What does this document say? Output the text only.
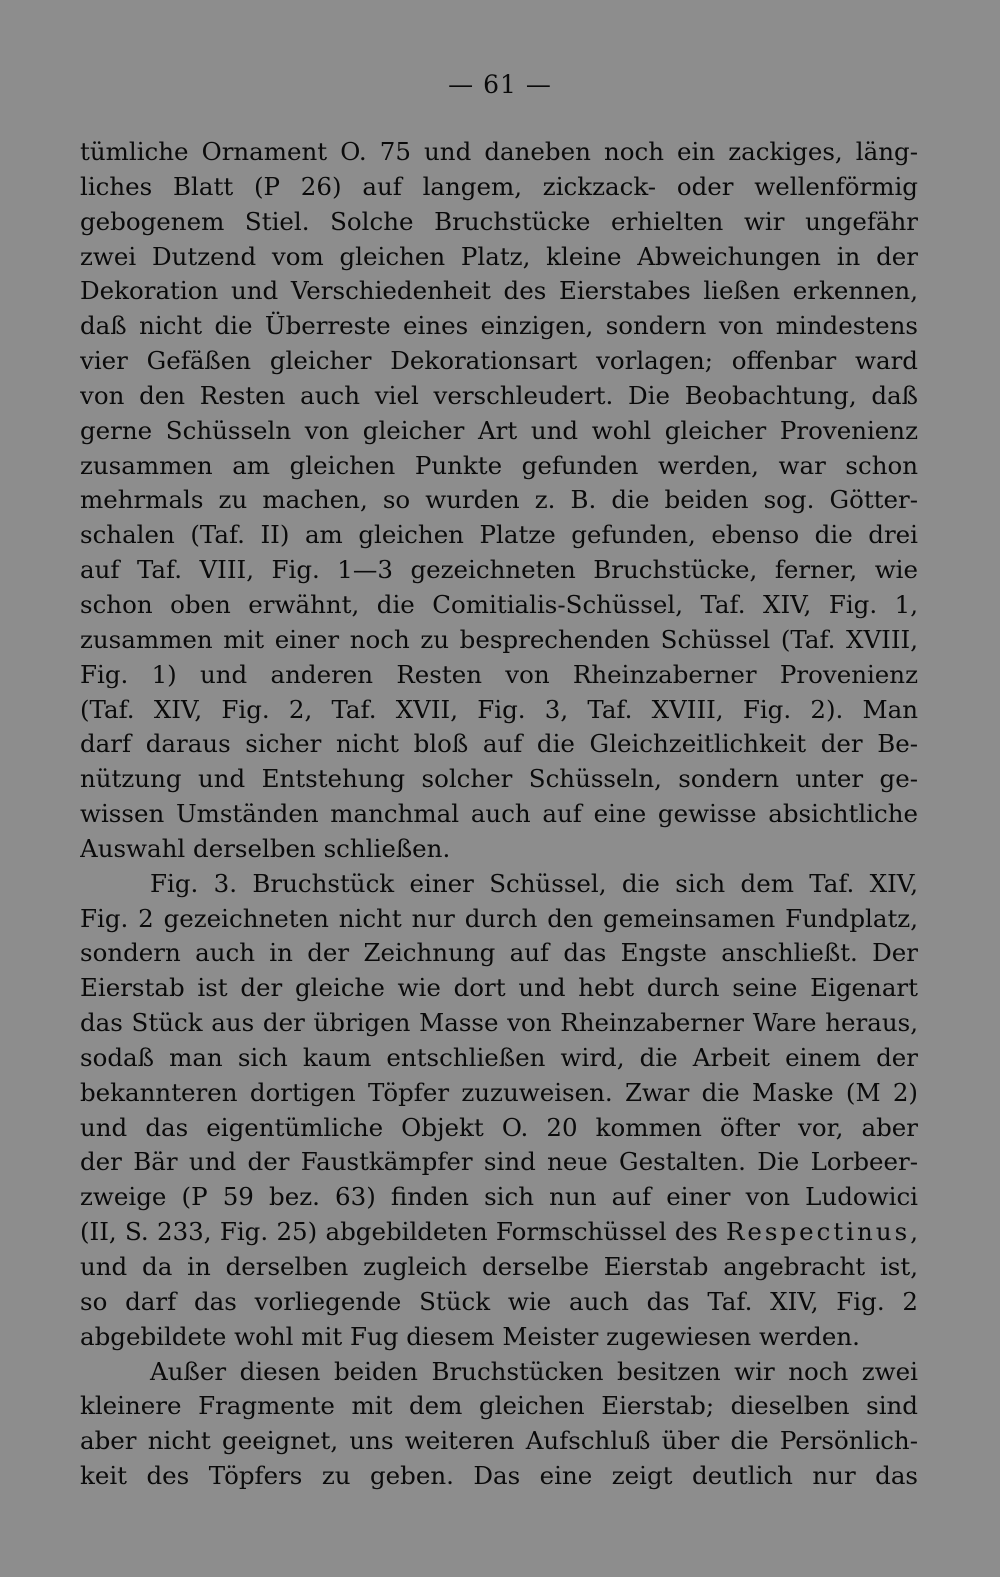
— 61 —
tümliche Ornament O. 75 und daneben noch ein zackiges, läng-
liches Blatt (P 26) auf langem, zickzack- oder wellenförmig
gebogenem Stiel. Solche Bruchstücke erhielten wir ungefähr
zwei Dutzend vom gleichen Platz, kleine Abweichungen in der
Dekoration und Verschiedenheit des Eierstabes ließen erkennen,
daß nicht die Überreste eines einzigen, sondern von mindestens
vier Gefäßen gleicher Dekorationsart vorlagen; offenbar ward
von den Resten auch viel verschleudert. Die Beobachtung, daß
gerne Schüsseln von gleicher Art und wohl gleicher Provenienz
zusammen am gleichen Punkte gefunden werden, war schon
mehrmals zu machen, so wurden z. B. die beiden sog. Götter-
schalen (Taf. II) am gleichen Platze gefunden, ebenso die drei
auf Taf. VIII, Fig. 1—3 gezeichneten Bruchstücke, ferner, wie
schon oben erwähnt, die Comitialis-Schüssel, Taf. XIV, Fig. 1,
zusammen mit einer noch zu besprechenden Schüssel (Taf. XVIII,
Fig. 1) und anderen Resten von Rheinzaberner Provenienz
(Taf. XIV, Fig. 2, Taf. XVII, Fig. 3, Taf. XVIII, Fig. 2). Man
darf daraus sicher nicht bloß auf die Gleichzeitlichkeit der Be-
nützung und Entstehung solcher Schüsseln, sondern unter ge-
wissen Umständen manchmal auch auf eine gewisse absichtliche
Auswahl derselben schließen.
Fig. 3. Bruchstück einer Schüssel, die sich dem Taf. XIV,
Fig. 2 gezeichneten nicht nur durch den gemeinsamen Fundplatz,
sondern auch in der Zeichnung auf das Engste anschließt. Der
Eierstab ist der gleiche wie dort und hebt durch seine Eigenart
das Stück aus der übrigen Masse von Rheinzaberner Ware heraus,
sodaß man sich kaum entschließen wird, die Arbeit einem der
bekannteren dortigen Töpfer zuzuweisen. Zwar die Maske (M 2)
und das eigentümliche Objekt O. 20 kommen öfter vor, aber
der Bär und der Faustkämpfer sind neue Gestalten. Die Lorbeer-
zweige (P 59 bez. 63) finden sich nun auf einer von Ludowici
(II, S. 233, Fig. 25) abgebildeten Formschüssel des Respectinus,
und da in derselben zugleich derselbe Eierstab angebracht ist,
so darf das vorliegende Stück wie auch das Taf. XIV, Fig. 2
abgebildete wohl mit Fug diesem Meister zugewiesen werden.
Außer diesen beiden Bruchstücken besitzen wir noch zwei
kleinere Fragmente mit dem gleichen Eierstab; dieselben sind
aber nicht geeignet, uns weiteren Aufschluß über die Persönlich-
keit des Töpfers zu geben. Das eine zeigt deutlich nur das
